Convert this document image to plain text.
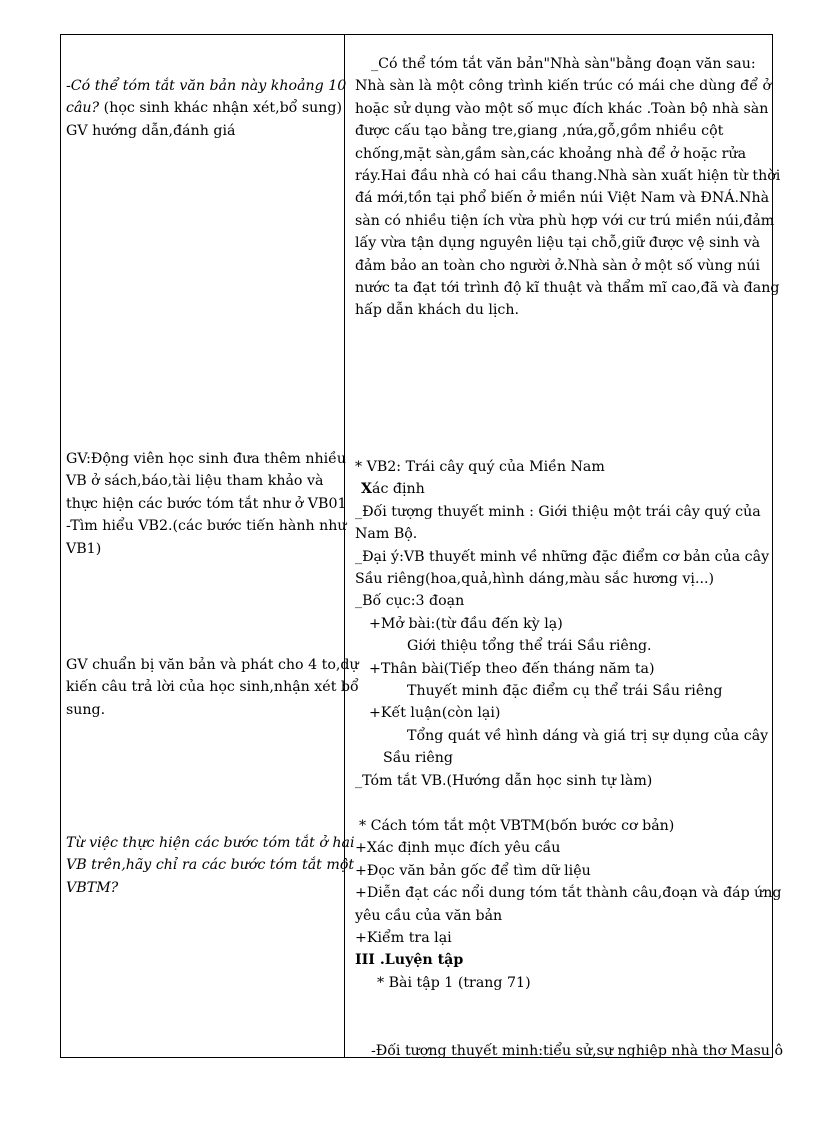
-Có thể tóm tắt văn bản này khoảng 10
câu? (học sinh khác nhận xét,bổ sung)
GV hướng dẫn,đánh giá
GV:Động viên học sinh đưa thêm nhiều
VB ở sách,báo,tài liệu tham khảo và
thực hiện các bước tóm tắt như ở VB01
-Tìm hiểu VB2.(các bước tiến hành như
VB1)
GV chuẩn bị văn bản và phát cho 4 to,dự
kiến câu trả lời của học sinh,nhận xét bổ
sung.
Từ việc thực hiện các bước tóm tắt ở hai
VB trên,hãy chỉ ra các bước tóm tắt một
VBTM?
_Có thể tóm tắt văn bản"Nhà sàn"bằng đoạn văn sau:
Nhà sàn là một công trình kiến trúc có mái che dùng để ở
hoặc sử dụng vào một số mục đích khác .Toàn bộ nhà sàn
được cấu tạo bằng tre,giang ,nứa,gỗ,gồm nhiều cột
chống,mặt sàn,gầm sàn,các khoảng nhà để ở hoặc rửa
ráy.Hai đầu nhà có hai cầu thang.Nhà sàn xuất hiện từ thời
đá mới,tồn tại phổ biến ở miền núi Việt Nam và ĐNÁ.Nhà
sàn có nhiều tiện ích vừa phù hợp với cư trú miền núi,đảm
lấy vừa tận dụng nguyên liệu tại chỗ,giữ được vệ sinh và
đảm bảo an toàn cho người ở.Nhà sàn ở một số vùng núi
nước ta đạt tới trình độ kĩ thuật và thẩm mĩ cao,đã và đang
hấp dẫn khách du lịch.
* VB2: Trái cây quý của Miền Nam
Xác định
_Đối tượng thuyết minh : Giới thiệu một trái cây quý của
Nam Bộ.
_Đại ý:VB thuyết minh về những đặc điểm cơ bản của cây
Sầu riêng(hoa,quả,hình dáng,màu sắc hương vị...)
_Bố cục:3 đoạn
+Mở bài:(từ đầu đến kỳ lạ)
Giới thiệu tổng thể trái Sầu riêng.
+Thân bài(Tiếp theo đến tháng năm ta)
Thuyết minh đặc điểm cụ thể trái Sầu riêng
+Kết luận(còn lại)
Tổng quát về hình dáng và giá trị sự dụng của cây
Sầu riêng
_Tóm tắt VB.(Hướng dẫn học sinh tự làm)
* Cách tóm tắt một VBTM(bốn bước cơ bản)
+Xác định mục đích yêu cầu
+Đọc văn bản gốc để tìm dữ liệu
+Diễn đạt các nổi dung tóm tắt thành câu,đoạn và đáp ứng
yêu cầu của văn bản
+Kiểm tra lại
III .Luyện tập
* Bài tập 1 (trang 71)
-Đối tượng thuyết minh:tiểu sử,sự nghiệp nhà thơ Masu ô
